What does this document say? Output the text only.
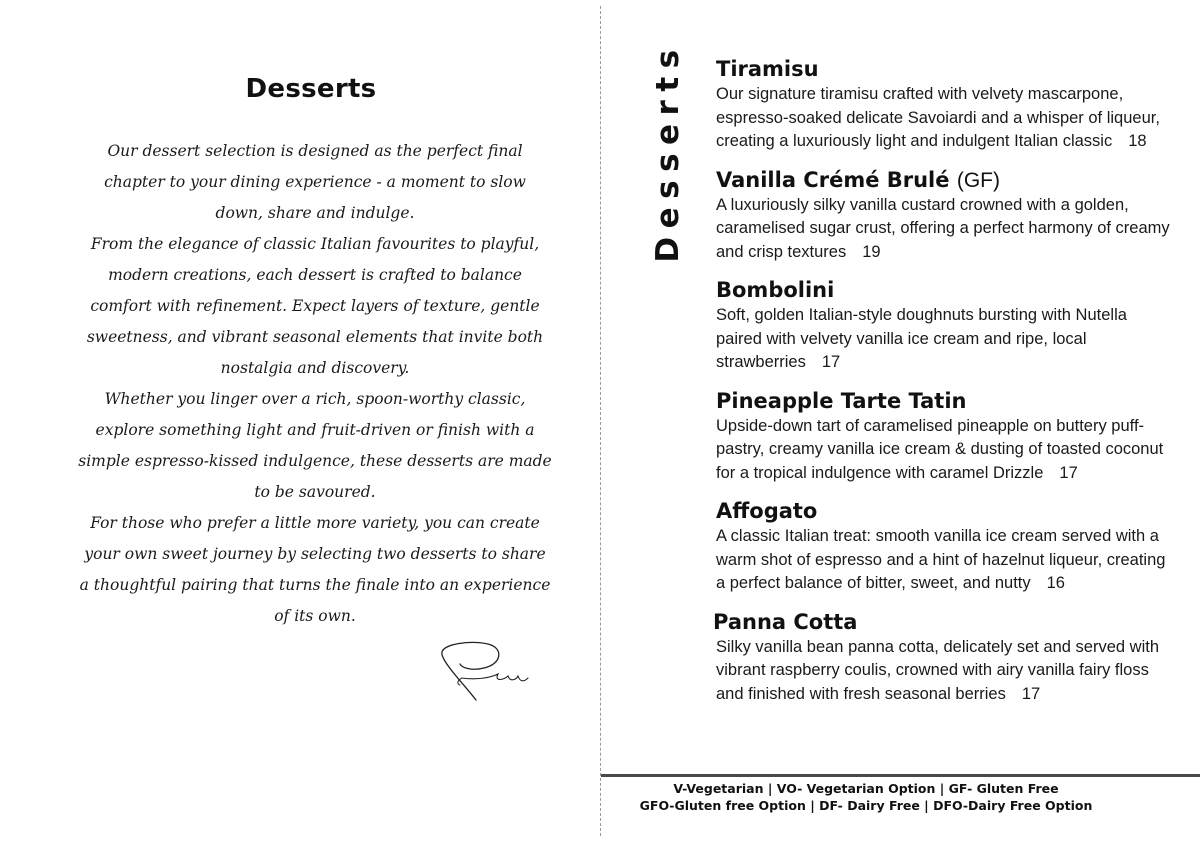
Desserts

Our dessert selection is designed as the perfect final chapter to your dining experience - a moment to slow down, share and indulge.

From the elegance of classic Italian favourites to playful, modern creations, each dessert is crafted to balance comfort with refinement. Expect layers of texture, gentle sweetness, and vibrant seasonal elements that invite both nostalgia and discovery.

Whether you linger over a rich, spoon-worthy classic, explore something light and fruit-driven or finish with a simple espresso-kissed indulgence, these desserts are made to be savoured.

For those who prefer a little more variety, you can create your own sweet journey by selecting two desserts to share a thoughtful pairing that turns the finale into an experience of its own.

Desserts Tiramisu
Our signature tiramisu crafted with velvety mascarpone, espresso-soaked delicate Savoiardi and a whisper of liqueur, creating a luxuriously light and indulgent Italian classic 18
Vanilla Crémé Brulé (GF)
A luxuriously silky vanilla custard crowned with a golden, caramelised sugar crust, offering a perfect harmony of creamy and crisp textures 19
Bombolini
Soft, golden Italian-style doughnuts bursting with Nutella paired with velvety vanilla ice cream and ripe, local strawberries 17
Pineapple Tarte Tatin
Upside-down tart of caramelised pineapple on buttery puff-pastry, creamy vanilla ice cream & dusting of toasted coconut for a tropical indulgence with caramel Drizzle 17
Affogato
A classic Italian treat: smooth vanilla ice cream served with a warm shot of espresso and a hint of hazelnut liqueur, creating a perfect balance of bitter, sweet, and nutty 16
Panna Cotta
Silky vanilla bean panna cotta, delicately set and served with vibrant raspberry coulis, crowned with airy vanilla fairy floss and finished with fresh seasonal berries 17
V-Vegetarian | VO- Vegetarian Option | GF- Gluten Free
GFO-Gluten free Option | DF- Dairy Free | DFO-Dairy Free Option
